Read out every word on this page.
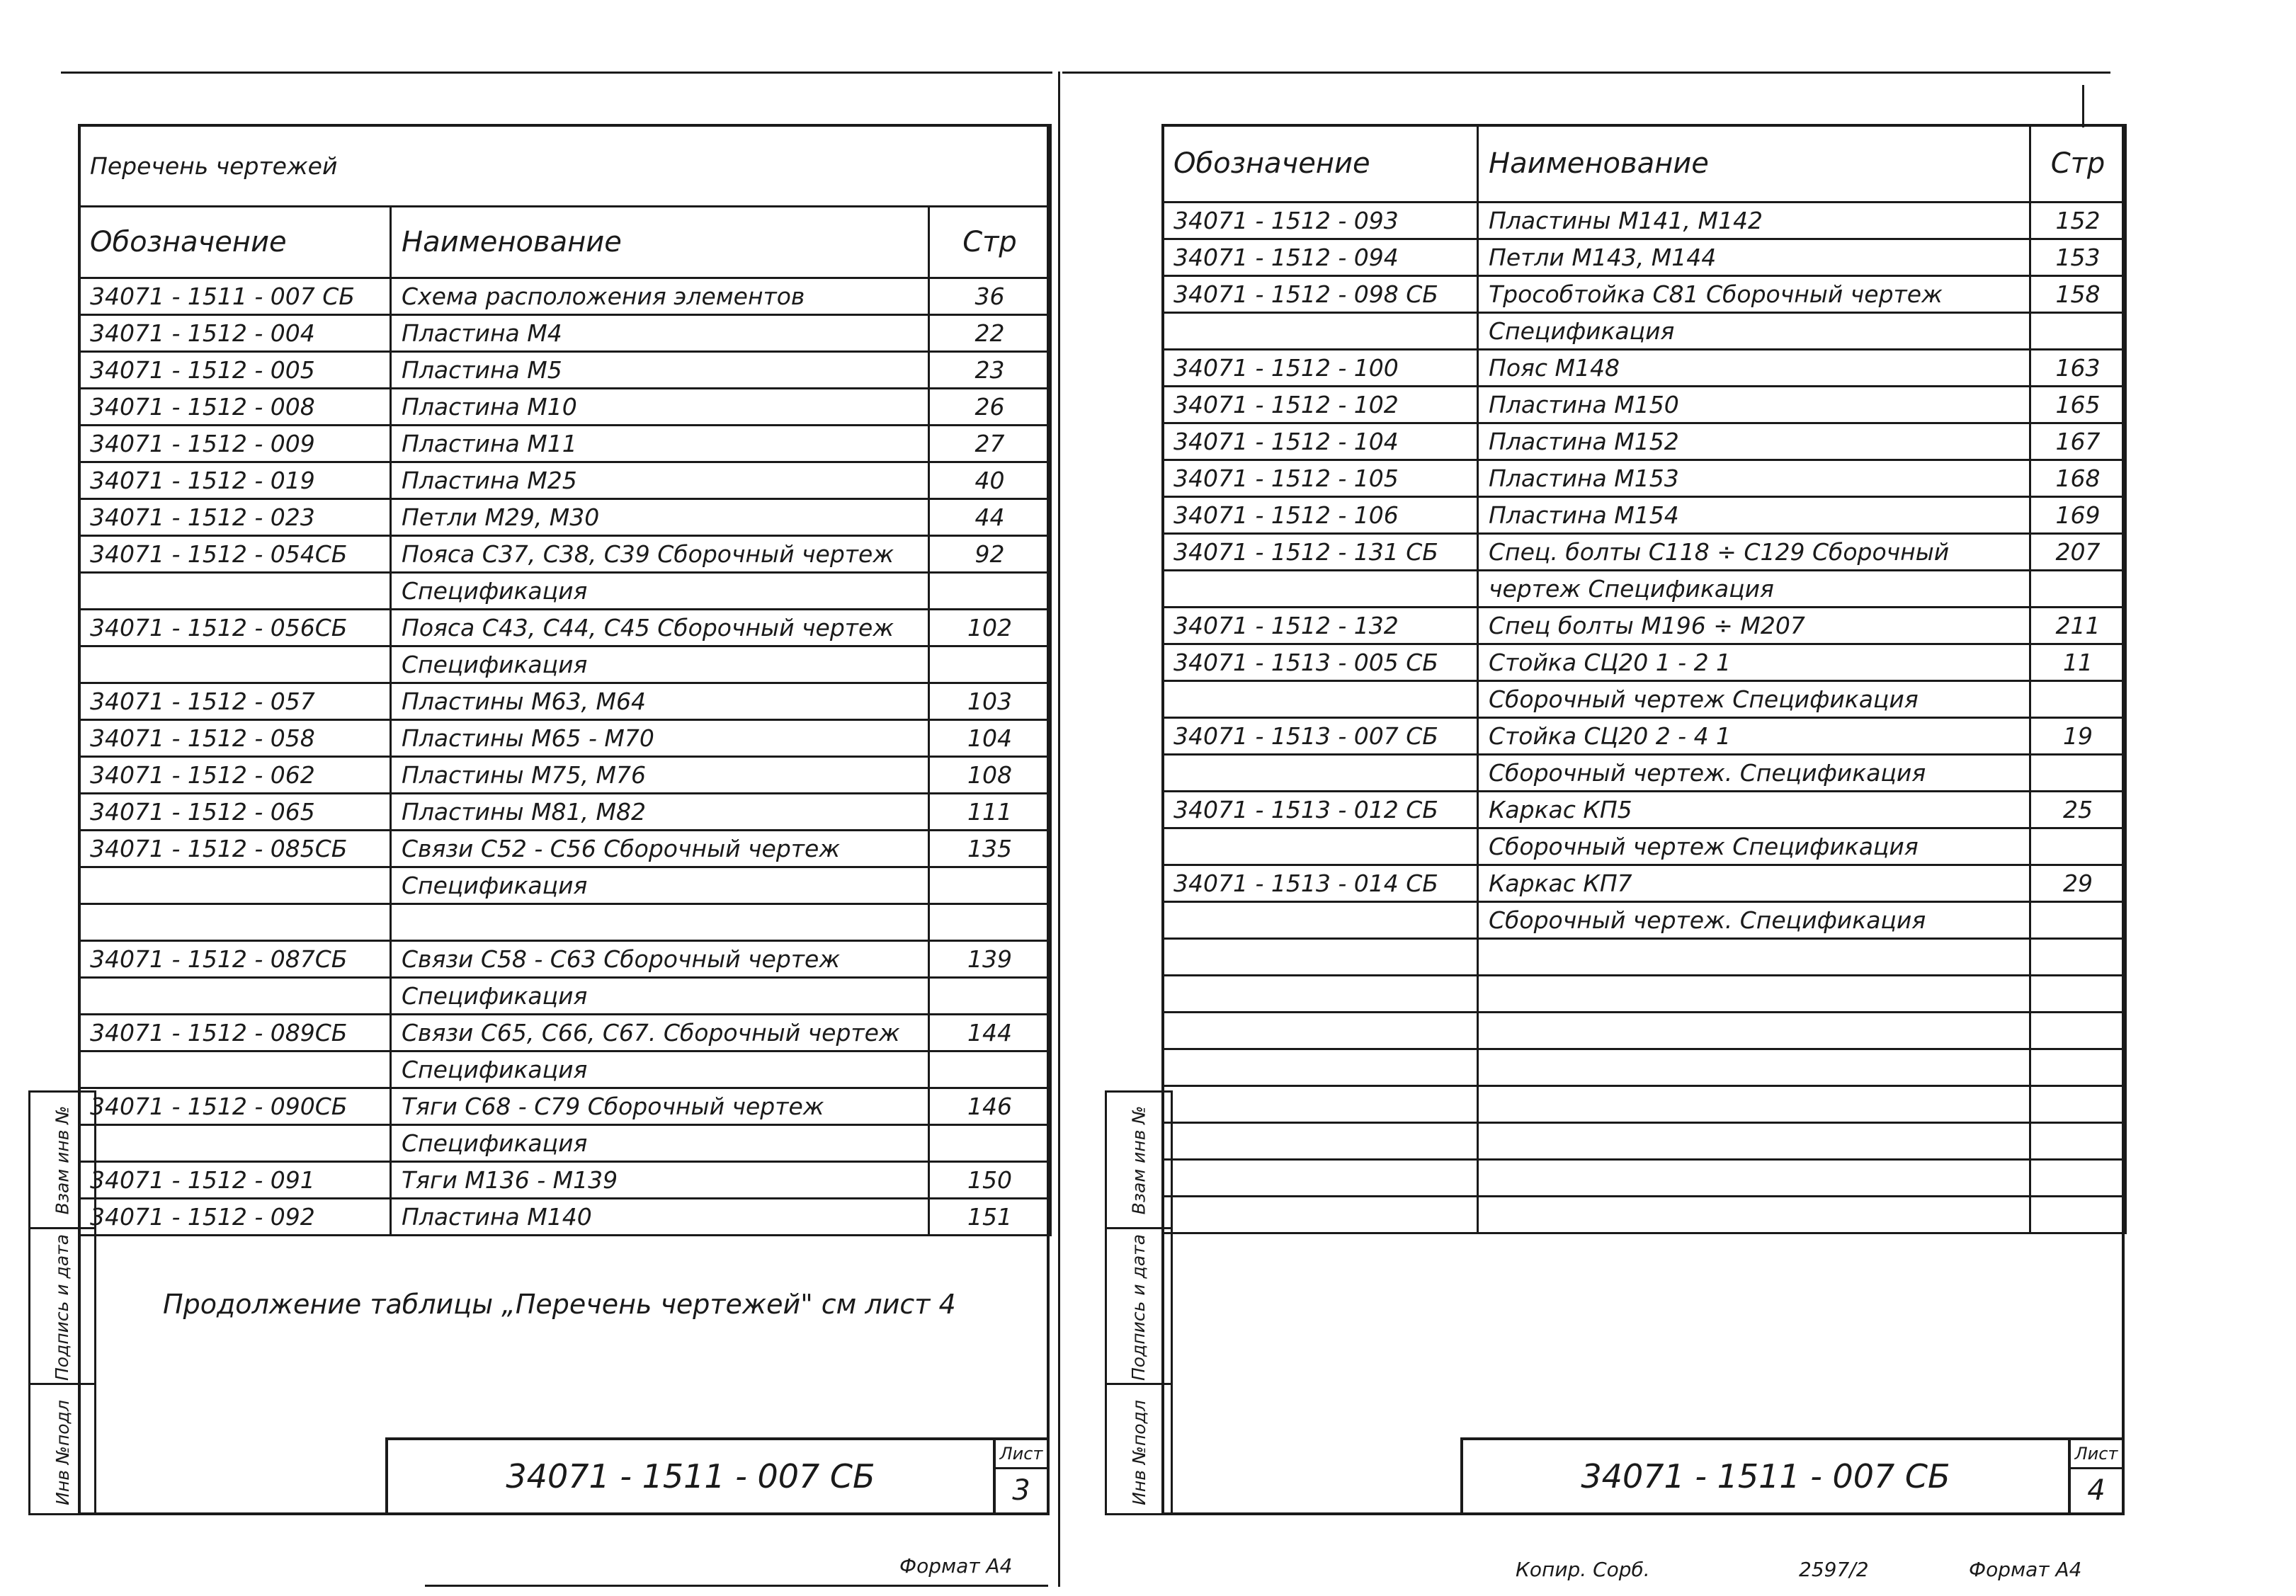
Перечень чертежей		
Обозначение	Наименование	Стр
34071 - 1511 - 007 СБ	Схема расположения элементов	36
34071 - 1512 - 004	Пластина М4	22
34071 - 1512 - 005	Пластина М5	23
34071 - 1512 - 008	Пластина М10	26
34071 - 1512 - 009	Пластина М11	27
34071 - 1512 - 019	Пластина М25	40
34071 - 1512 - 023	Петли М29, М30	44
34071 - 1512 - 054СБ	Пояса С37, С38, С39 Сборочный чертеж	92
	Спецификация	
34071 - 1512 - 056СБ	Пояса С43, С44, С45 Сборочный чертеж	102
	Спецификация	
34071 - 1512 - 057	Пластины М63, М64	103
34071 - 1512 - 058	Пластины М65 - М70	104
34071 - 1512 - 062	Пластины М75, М76	108
34071 - 1512 - 065	Пластины М81, М82	111
34071 - 1512 - 085СБ	Связи С52 - С56 Сборочный чертеж	135
	Спецификация	

34071 - 1512 - 087СБ	Связи С58 - С63 Сборочный чертеж	139
	Спецификация	
34071 - 1512 - 089СБ	Связи С65, С66, С67. Сборочный чертеж	144
	Спецификация	
34071 - 1512 - 090СБ	Тяги С68 - С79 Сборочный чертеж	146
	Спецификация	
34071 - 1512 - 091	Тяги М136 - М139	150
34071 - 1512 - 092	Пластина М140	151
Продолжение таблицы „Перечень чертежей" см лист 4
34071 - 1511 - 007 СБ
Лист
3
Взам инв №
Подпись и дата
Инв №подл
Формат А4
Обозначение	Наименование	Стр
34071 - 1512 - 093	Пластины М141, М142	152
34071 - 1512 - 094	Петли М143, М144	153
34071 - 1512 - 098 СБ	Трособтойка С81 Сборочный чертеж	158
	Спецификация	
34071 - 1512 - 100	Пояс М148	163
34071 - 1512 - 102	Пластина М150	165
34071 - 1512 - 104	Пластина М152	167
34071 - 1512 - 105	Пластина М153	168
34071 - 1512 - 106	Пластина М154	169
34071 - 1512 - 131 СБ	Спец. болты С118 ÷ С129 Сборочный	207
	чертеж Спецификация	
34071 - 1512 - 132	Спец болты М196 ÷ М207	211
34071 - 1513 - 005 СБ	Стойка СЦ20 1 - 2 1	11
	Сборочный чертеж Спецификация	
34071 - 1513 - 007 СБ	Стойка СЦ20 2 - 4 1	19
	Сборочный чертеж. Спецификация	
34071 - 1513 - 012 СБ	Каркас КП5	25
	Сборочный чертеж Спецификация	
34071 - 1513 - 014 СБ	Каркас КП7	29
	Сборочный чертеж. Спецификация	

34071 - 1511 - 007 СБ
Лист
4
Взам инв №
Подпись и дата
Инв №подл
Копир. Сорб.	2597/2	Формат А4
